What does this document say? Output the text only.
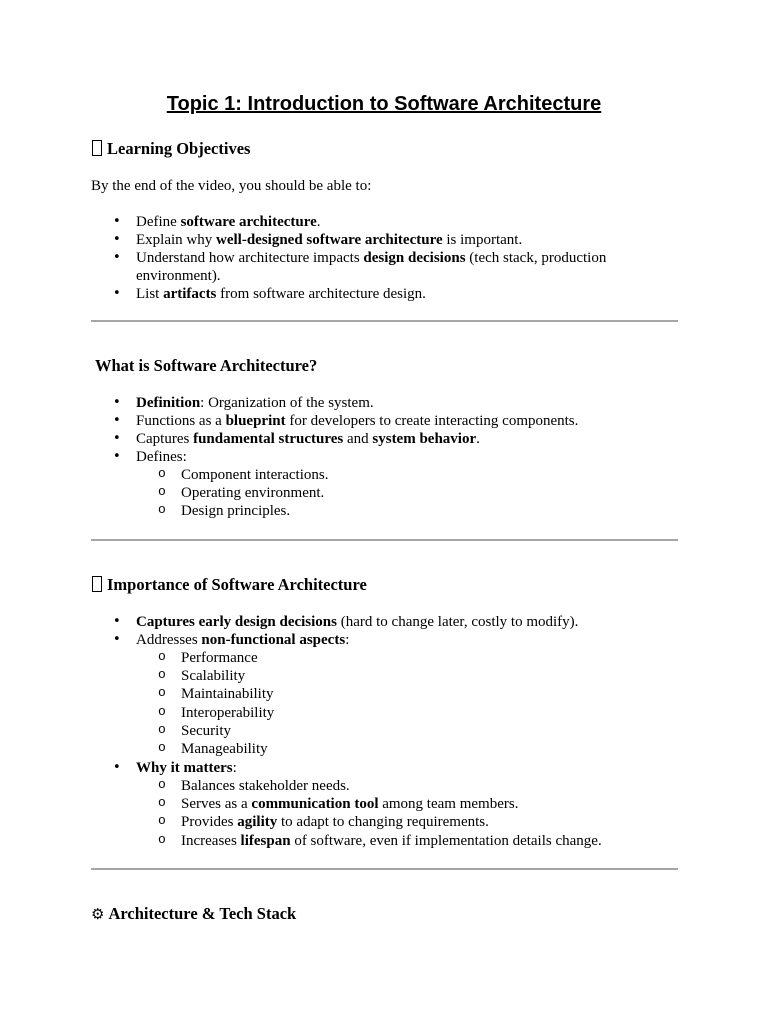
Topic 1: Introduction to Software Architecture
Learning Objectives
By the end of the video, you should be able to:
• Define software architecture.
• Explain why well-designed software architecture is important.
• Understand how architecture impacts design decisions (tech stack, production environment).
• List artifacts from software architecture design.
What is Software Architecture?
• Definition: Organization of the system.
• Functions as a blueprint for developers to create interacting components.
• Captures fundamental structures and system behavior.
• Defines:
o Component interactions.
o Operating environment.
o Design principles.
Importance of Software Architecture
• Captures early design decisions (hard to change later, costly to modify).
• Addresses non-functional aspects:
o Performance
o Scalability
o Maintainability
o Interoperability
o Security
o Manageability
• Why it matters:
o Balances stakeholder needs.
o Serves as a communication tool among team members.
o Provides agility to adapt to changing requirements.
o Increases lifespan of software, even if implementation details change.
⚙ Architecture & Tech Stack
